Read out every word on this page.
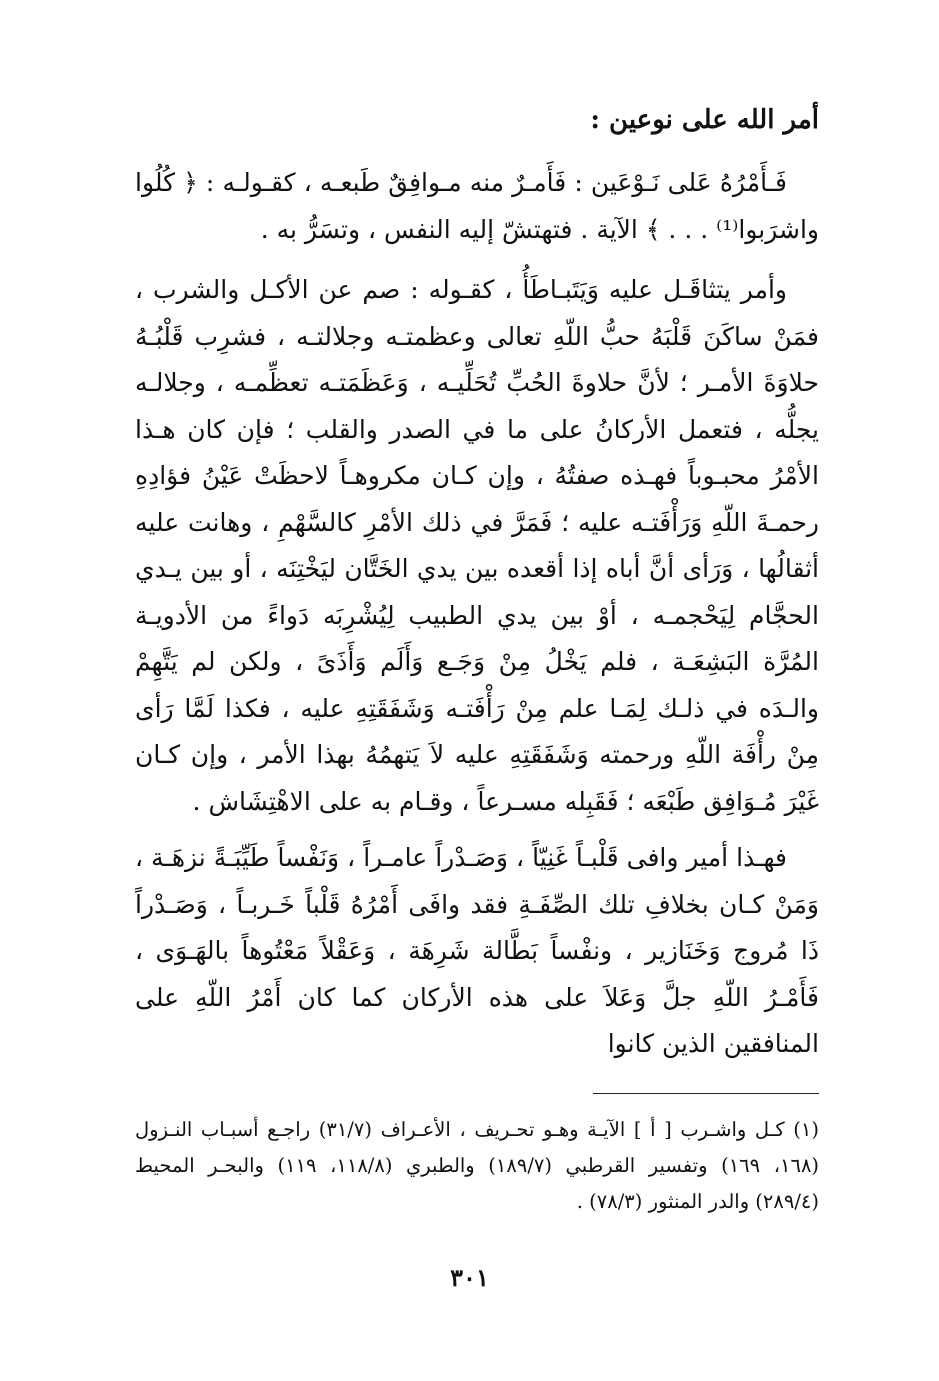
أمر الله على نوعين :

فَـأَمْرُهُ عَلى نَـوْعَين : فَأَمـرٌ منه مـوافِقٌ طَبعـه ، كقـولـه : ﴿ كُلُوا واشرَبوا⁽¹⁾ . . . ﴾ الآية . فتهتشّ إليه النفس ، وتسَرُّ به .

وأمر يتثاقَـل عليه وَيَتَبـاطَأُ ، كقـوله : صم عن الأكـل والشرب ، فمَنْ ساكَنَ قَلْبَهُ حبُّ اللّهِ تعالى وعظمتـه وجلالتـه ، فشرِب قَلْبُـهُ حلاوَةَ الأمـر ؛ لأنَّ حلاوةَ الحُبِّ تُحَلِّيـه ، وَعَظَمَتـه تعظِّمـه ، وجلالـه يجلُّه ، فتعمل الأركانُ على ما في الصدر والقلب ؛ فإن كان هـذا الأمْرُ محبـوباً فهـذه صفتُهُ ، وإن كـان مكروهـاً لاحظَتْ عَيْنُ فؤادِهِ رحمـةَ اللّهِ وَرَأْفَتـه عليه ؛ فَمَرَّ في ذلك الأمْرِ كالسَّهْمِ ، وهانت عليه أثقالُها ، وَرَأى أنَّ أباه إذا أقعده بين يدي الخَتَّان ليَخْتِنَه ، أو بين يـدي الحجَّام لِيَحْجمـه ، أوْ بين يدي الطبيب لِيُشْرِبَه دَواءً من الأدويـة المُرَّة البَشِعَـة ، فلم يَخْلُ مِنْ وَجَـع وَأَلَم وَأَذَىً ، ولكن لم يَتَّهِمْ والـدَه في ذلـك لِمَـا علم مِنْ رَأْفَتـه وَشَفَقَتِهِ عليه ، فكذا لَمَّا رَأى مِنْ رأْفَة اللّهِ ورحمته وَشَفَقَتِهِ عليه لاَ يَتهمُهُ بهذا الأمر ، وإن كـان غَيْرَ مُـوَافِق طَبْعَه ؛ فَقَبِله مسـرعاً ، وقـام به على الاهْتِشَاش .

فهـذا أمير وافى قَلْبـاً غَنِيّاً ، وَصَـدْراً عامـراً ، وَنَفْساً طَيِّبَـةً نزهَـة ، وَمَنْ كـان بخلافِ تلك الصِّفَـةِ فقد وافَى أَمْرُهُ قَلْباً خَـربـاً ، وَصَـدْراً ذَا مُروج وَخَنَازير ، ونفْساً بَطَّالة شَرِهَة ، وَعَقْلاً مَعْتُوهاً بالهَـوَى ، فَأَمْـرُ اللّهِ جلَّ وَعَلاَ على هذه الأركان كما كان أَمْرُ اللّهِ على المنافقين الذين كانوا

(١) كـل واشـرب [ أ ] الآيـة وهـو تحـريف ، الأعـراف (٣١/٧) راجـع أسبـاب النـزول (١٦٨، ١٦٩) وتفسير القرطبي (١٨٩/٧) والطبري (١١٨/٨، ١١٩) والبحـر المحيط (٢٨٩/٤) والدر المنثور (٧٨/٣) .
٣٠١
